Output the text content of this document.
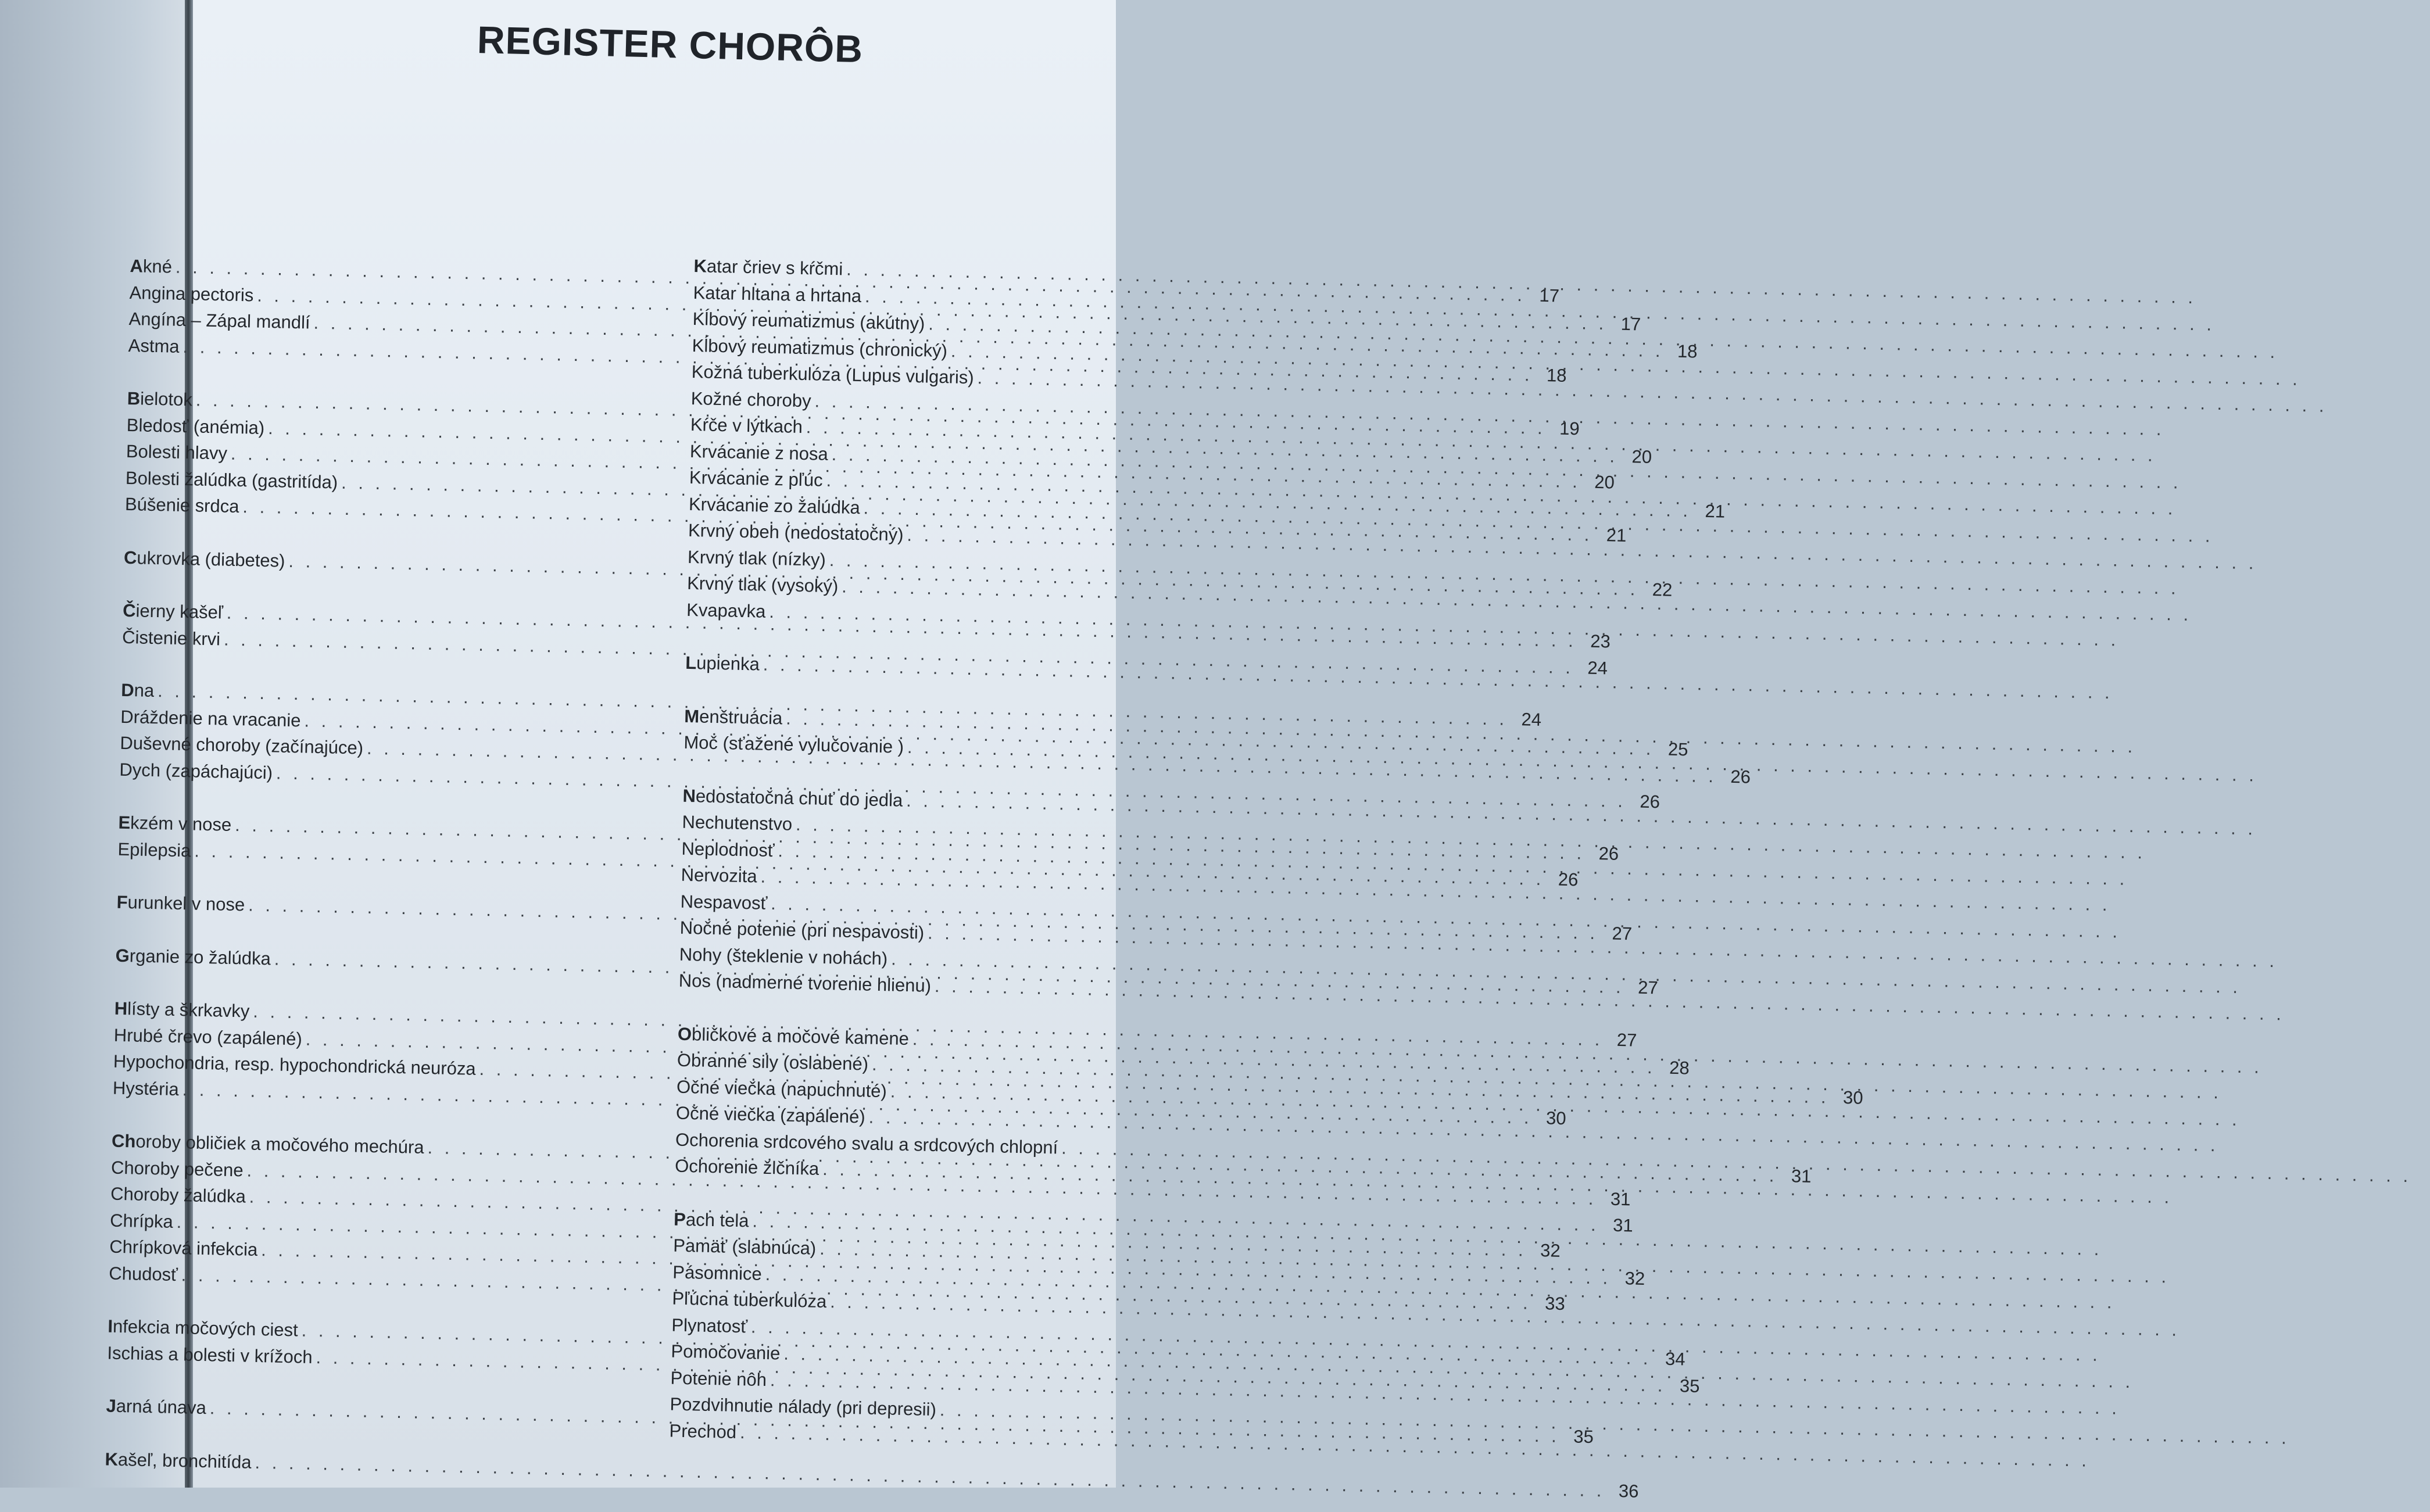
REGISTER CHORÔB
Akné
. . .
17
Angina pectoris
. . .
17
Angína – Zápal mandlí
. . .
18
Astma
. . .
18
Bielotok
. . .
19
Bledosť (anémia)
. . .
20
Bolesti hlavy
. . .
20
Bolesti žalúdka (gastritída)
. . .
21
Búšenie srdca
. . .
21
Cukrovka (diabetes)
. . .
22
Čierny kašeľ
. . .
23
Čistenie krvi
. . .
24
Dna
. . .
24
Dráždenie na vracanie
. . .
25
Duševné choroby (začínajúce)
. . .
26
Dych (zapáchajúci)
. . .
26
Ekzém v nose
. . .
26
Epilepsia
. . .
26
Furunkel v nose
. . .
27
Grganie zo žalúdka
. . .
27
Hlísty a škrkavky
. . .
27
Hrubé črevo (zapálené)
. . .
28
Hypochondria, resp. hypochondrická neuróza
. . .
30
Hystéria
. . .
30
Choroby obličiek a močového mechúra
. . .
31
Choroby pečene
. . .
31
Choroby žalúdka
. . .
31
Chrípka
. . .
32
Chrípková infekcia
. . .
32
Chudosť
. . .
33
Infekcia močových ciest
. . .
34
Ischias a bolesti v krížoch
. . .
35
Jarná únava
. . .
35
Kašeľ, bronchitída
. . .
36
Katar čriev s kŕčmi
. . .
Katar hltana a hrtana
. . .
Kĺbový reumatizmus (akútny)
. . .
Kĺbový reumatizmus (chronický)
. . .
Kožná tuberkulóza (Lupus vulgaris)
. . .
Kožné choroby
. . .
Kŕče v lýtkach
. . .
Krvácanie z nosa
. . .
Krvácanie z pľúc
. . .
Krvácanie zo žalúdka
. . .
Krvný obeh (nedostatočný)
. . .
Krvný tlak (nízky)
. . .
Krvný tlak (vysoký)
. . .
Kvapavka
. . .
Lupienka
. . .
Menštruácia
. . .
Moč (sťažené vylučovanie )
. . .
Nedostatočná chuť do jedla
. . .
Nechutenstvo
. . .
Neplodnosť
. . .
Nervozita
. . .
Nespavosť
. . .
Nočné potenie (pri nespavosti)
. . .
Nohy (šteklenie v nohách)
. . .
Nos (nadmerné tvorenie hlienu)
. . .
Obličkové a močové kamene
. . .
Obranné sily (oslabené)
. . .
Očné viečka (napuchnuté)
. . .
Očné viečka (zapálené)
. . .
Ochorenia srdcového svalu a srdcových chlopní
. . .
Ochorenie žlčníka
. . .
Pach tela
. . .
Pamäť (slabnúca)
. . .
Pásomnice
. . .
Pľúcna tuberkulóza
. . .
Plynatosť
. . .
Pomočovanie
. . .
Potenie nôh
. . .
Pozdvihnutie nálady (pri depresii)
. . .
Prechod
. . .
